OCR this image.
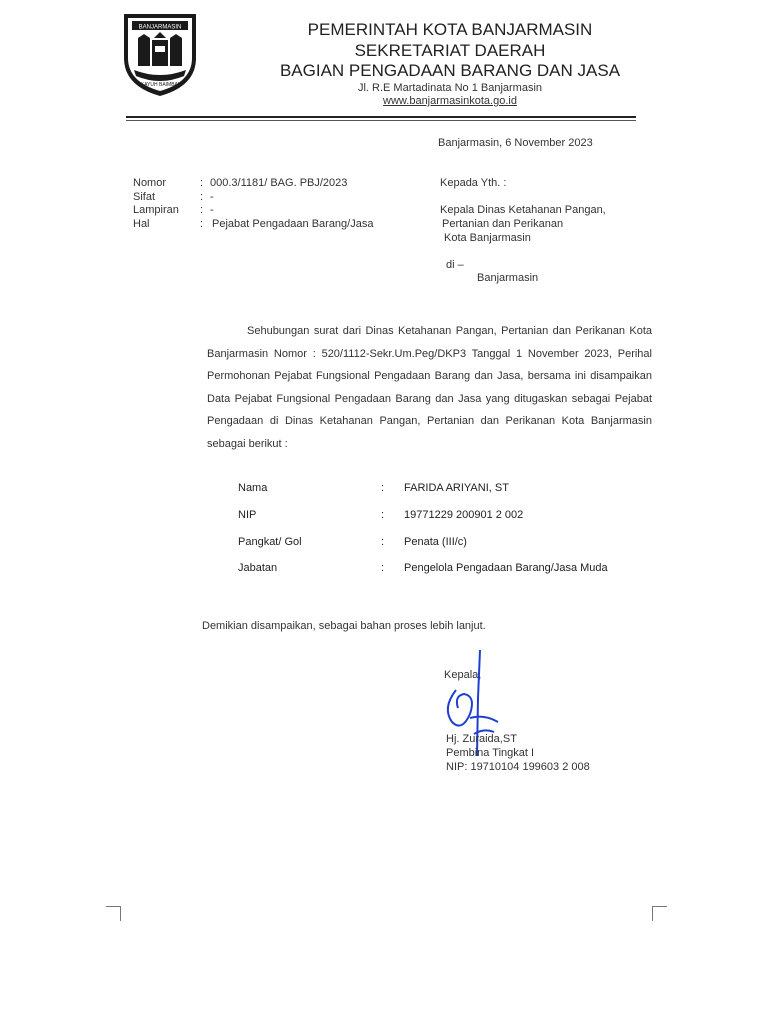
BANJARMASIN
KAYUH BAIMBAI
PEMERINTAH KOTA BANJARMASIN
SEKRETARIAT DAERAH
BAGIAN PENGADAAN BARANG DAN JASA
Jl. R.E Martadinata No 1 Banjarmasin
www.banjarmasinkota.go.id
Banjarmasin, 6 November 2023
Nomor	: 000.3/1181/ BAG. PBJ/2023
Sifat	: -
Lampiran : -
Hal	: Pejabat Pengadaan Barang/Jasa
Kepada Yth. :
Kepala Dinas Ketahanan Pangan,
Pertanian dan Perikanan
Kota Banjarmasin
di –
Banjarmasin
Sehubungan surat dari Dinas Ketahanan Pangan, Pertanian dan Perikanan Kota Banjarmasin Nomor : 520/1112-Sekr.Um.Peg/DKP3 Tanggal 1 November 2023, Perihal Permohonan Pejabat Fungsional Pengadaan Barang dan Jasa, bersama ini disampaikan Data Pejabat Fungsional Pengadaan Barang dan Jasa yang ditugaskan sebagai Pejabat Pengadaan di Dinas Ketahanan Pangan, Pertanian dan Perikanan Kota Banjarmasin sebagai berikut :
Nama	: FARIDA ARIYANI, ST
NIP	: 19771229 200901 2 002
Pangkat/ Gol	: Penata (III/c)
Jabatan	: Pengelola Pengadaan Barang/Jasa Muda
Demikian disampaikan, sebagai bahan proses lebih lanjut.
Kepala,
Hj. Zuraida,ST
Pembina Tingkat I
NIP: 19710104 199603 2 008
